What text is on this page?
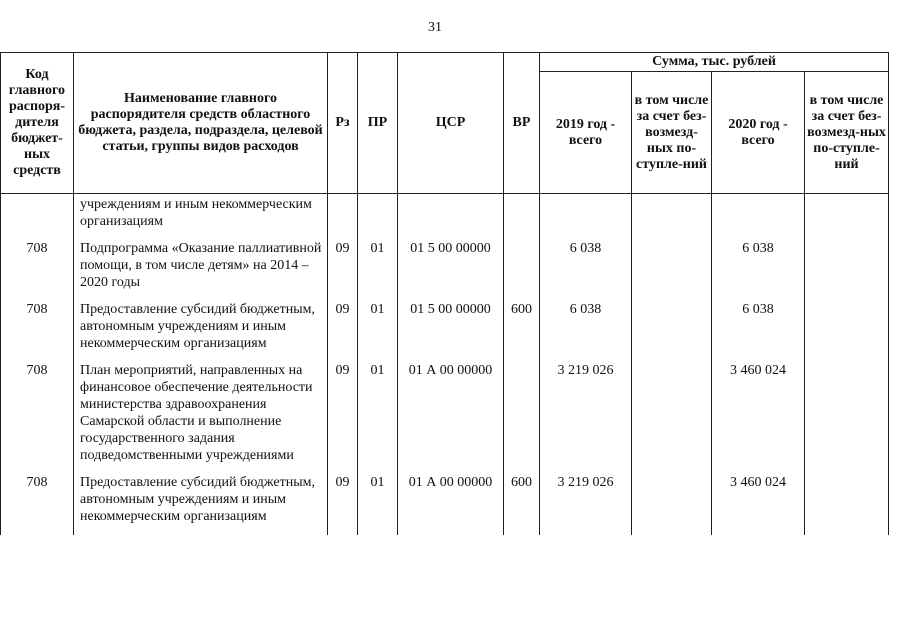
31
Код главного распоря-дителя бюджет-ных средств	Наименование главного распорядителя средств областного бюджета, раздела, подраздела, целевой статьи, группы видов расходов	Рз	ПР	ЦСР	ВР	Сумма, тыс. рублей			
						2019 год - всего	в том числе за счет без-возмезд-ных по-ступле-ний	2020 год - всего	в том числе за счет без-возмезд-ных по-ступле-ний
	учреждениям и иным некоммерческим организациям								
708	Подпрограмма «Оказание паллиативной помощи, в том числе детям» на 2014 – 2020 годы	09	01	01 5 00 00000		6 038		6 038	
708	Предоставление субсидий бюджетным, автономным учреждениям и иным некоммерческим организациям	09	01	01 5 00 00000	600	6 038		6 038	
708	План мероприятий, направленных на финансовое обеспечение деятельности министерства здравоохранения Самарской области и выполнение государственного задания подведомственными учреждениями	09	01	01 А 00 00000		3 219 026		3 460 024	
708	Предоставление субсидий бюджетным, автономным учреждениям и иным некоммерческим организациям	09	01	01 А 00 00000	600	3 219 026		3 460 024	
